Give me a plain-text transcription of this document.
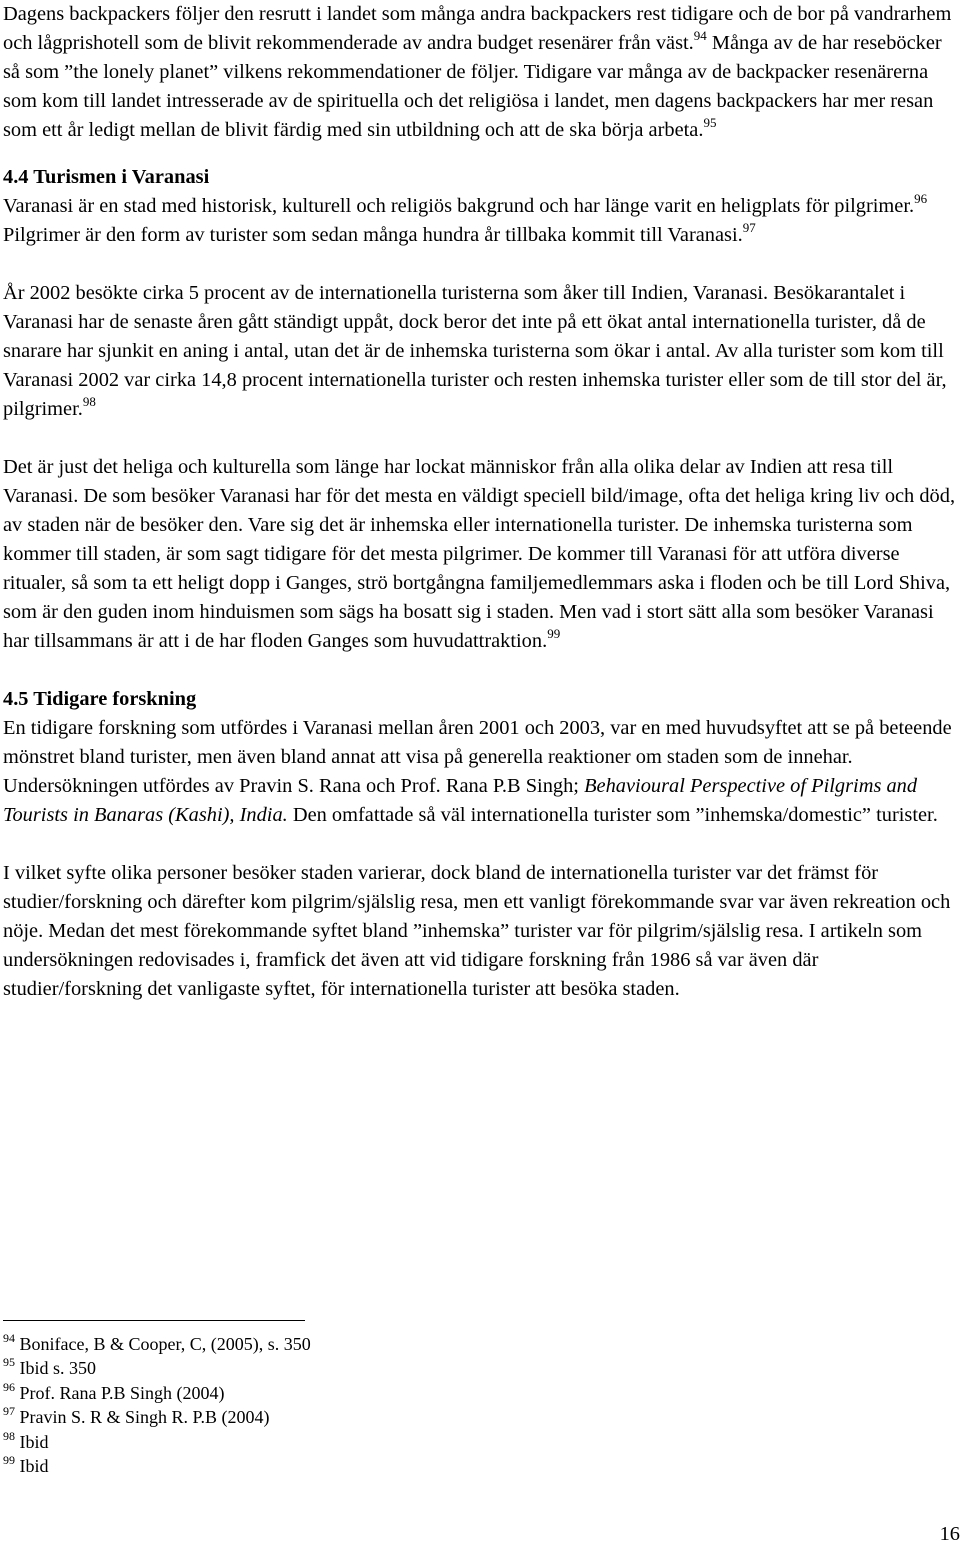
Dagens backpackers följer den resrutt i landet som många andra backpackers rest tidigare och de bor på vandrarhem och lågprishotell som de blivit rekommenderade av andra budget resenärer från väst.$^{94}$ Många av de har reseböcker så som ”the lonely planet” vilkens rekommendationer de följer. Tidigare var många av de backpacker resenärerna som kom till landet intresserade av de spirituella och det religiösa i landet, men dagens backpackers har mer resan som ett år ledigt mellan de blivit färdig med sin utbildning och att de ska börja arbeta.$^{95}$

4.4 Turismen i Varanasi

Varanasi är en stad med historisk, kulturell och religiös bakgrund och har länge varit en heligplats för pilgrimer.$^{96}$ Pilgrimer är den form av turister som sedan många hundra år tillbaka kommit till Varanasi.$^{97}$

År 2002 besökte cirka 5 procent av de internationella turisterna som åker till Indien, Varanasi. Besökarantalet i Varanasi har de senaste åren gått ständigt uppåt, dock beror det inte på ett ökat antal internationella turister, då de snarare har sjunkit en aning i antal, utan det är de inhemska turisterna som ökar i antal. Av alla turister som kom till Varanasi 2002 var cirka 14,8 procent internationella turister och resten inhemska turister eller som de till stor del är, pilgrimer.$^{98}$

Det är just det heliga och kulturella som länge har lockat människor från alla olika delar av Indien att resa till Varanasi. De som besöker Varanasi har för det mesta en väldigt speciell bild/image, ofta det heliga kring liv och död, av staden när de besöker den. Vare sig det är inhemska eller internationella turister. De inhemska turisterna som kommer till staden, är som sagt tidigare för det mesta pilgrimer. De kommer till Varanasi för att utföra diverse ritualer, så som ta ett heligt dopp i Ganges, strö bortgångna familjemedlemmars aska i floden och be till Lord Shiva, som är den guden inom hinduismen som sägs ha bosatt sig i staden. Men vad i stort sätt alla som besöker Varanasi har tillsammans är att i de har floden Ganges som huvudattraktion.$^{99}$

4.5 Tidigare forskning

En tidigare forskning som utfördes i Varanasi mellan åren 2001 och 2003, var en med huvudsyftet att se på beteende mönstret bland turister, men även bland annat att visa på generella reaktioner om staden som de innehar. Undersökningen utfördes av Pravin S. Rana och Prof. Rana P.B Singh; Behavioural Perspective of Pilgrims and Tourists in Banaras (Kashi), India. Den omfattade så väl internationella turister som ”inhemska/domestic” turister.

I vilket syfte olika personer besöker staden varierar, dock bland de internationella turister var det främst för studier/forskning och därefter kom pilgrim/själslig resa, men ett vanligt förekommande svar var även rekreation och nöje. Medan det mest förekommande syftet bland ”inhemska” turister var för pilgrim/själslig resa. I artikeln som undersökningen redovisades i, framfick det även att vid tidigare forskning från 1986 så var även där studier/forskning det vanligaste syftet, för internationella turister att besöka staden.

$^{94}$ Boniface, B & Cooper, C, (2005), s. 350
$^{95}$ Ibid s. 350
$^{96}$ Prof. Rana P.B Singh (2004)
$^{97}$ Pravin S. R & Singh R. P.B (2004)
$^{98}$ Ibid
$^{99}$ Ibid
16
